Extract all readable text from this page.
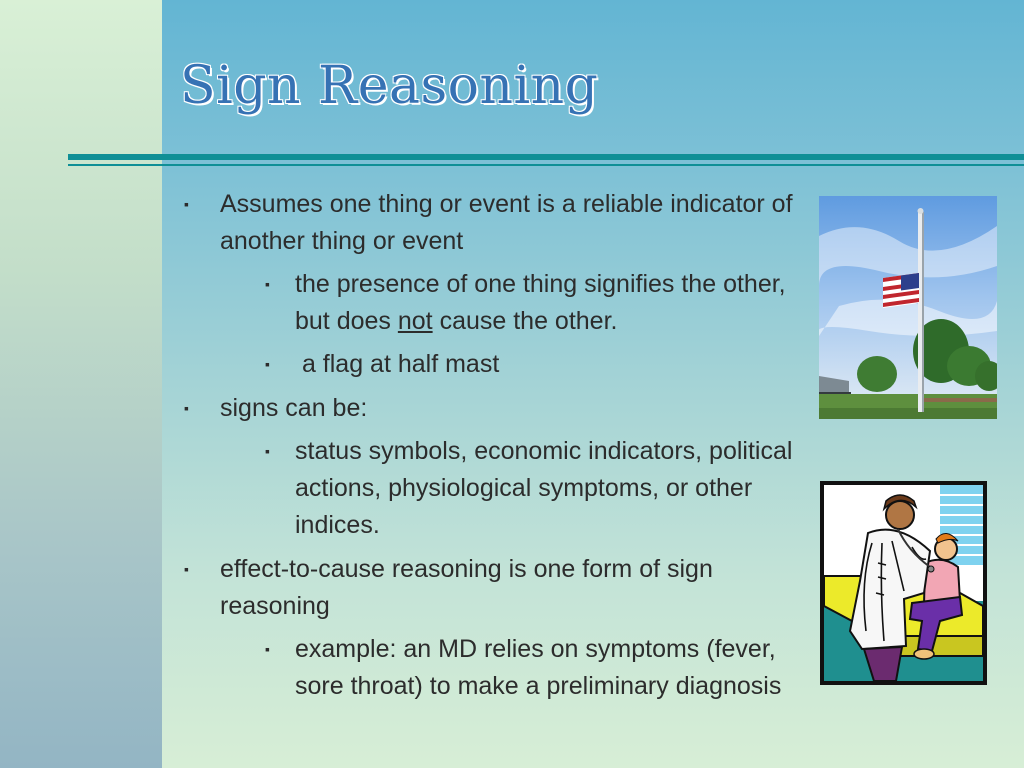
Sign Reasoning
▪ Assumes one thing or event is a reliable indicator of another thing or event
▪ the presence of one thing signifies the other, but does not cause the other.
▪ a flag at half mast
▪ signs can be:
▪ status symbols, economic indicators, political actions, physiological symptoms, or other indices.
▪ effect-to-cause reasoning is one form of sign reasoning
▪ example: an MD relies on symptoms (fever, sore throat) to make a preliminary diagnosis
